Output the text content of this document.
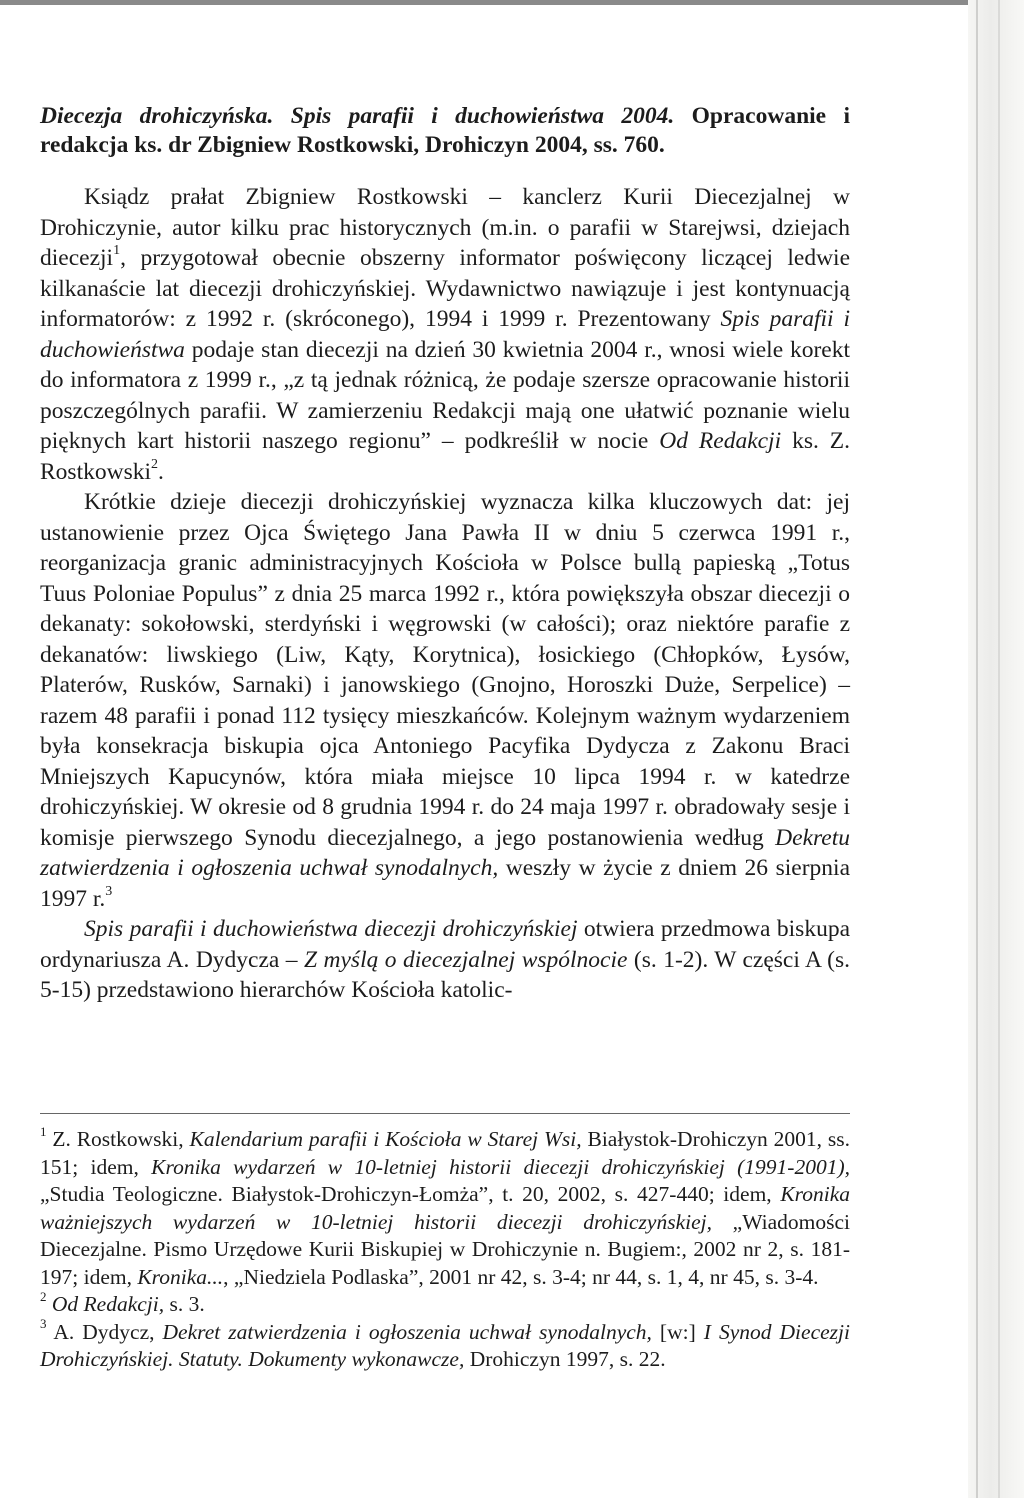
Diecezja drohiczyńska. Spis parafii i duchowieństwa 2004. Opracowanie i redakcja ks. dr Zbigniew Rostkowski, Drohiczyn 2004, ss. 760.

Ksiądz prałat Zbigniew Rostkowski – kanclerz Kurii Diecezjalnej w Drohiczynie, autor kilku prac historycznych (m.in. o parafii w Starejwsi, dziejach diecezji$^1$, przygotował obecnie obszerny informator poświęcony liczącej ledwie kilkanaście lat diecezji drohiczyńskiej. Wydawnictwo nawiązuje i jest kontynuacją informatorów: z 1992 r. (skróconego), 1994 i 1999 r. Prezentowany Spis parafii i duchowieństwa podaje stan diecezji na dzień 30 kwietnia 2004 r., wnosi wiele korekt do informatora z 1999 r., „z tą jednak różnicą, że podaje szersze opracowanie historii poszczególnych parafii. W zamierzeniu Redakcji mają one ułatwić poznanie wielu pięknych kart historii naszego regionu” – podkreślił w nocie Od Redakcji ks. Z. Rostkowski$^2$.

Krótkie dzieje diecezji drohiczyńskiej wyznacza kilka kluczowych dat: jej ustanowienie przez Ojca Świętego Jana Pawła II w dniu 5 czerwca 1991 r., reorganizacja granic administracyjnych Kościoła w Polsce bullą papieską „Totus Tuus Poloniae Populus” z dnia 25 marca 1992 r., która powiększyła obszar diecezji o dekanaty: sokołowski, sterdyński i węgrowski (w całości); oraz niektóre parafie z dekanatów: liwskiego (Liw, Kąty, Korytnica), łosickiego (Chłopków, Łysów, Platerów, Rusków, Sarnaki) i janowskiego (Gnojno, Horoszki Duże, Serpelice) – razem 48 parafii i ponad 112 tysięcy mieszkańców. Kolejnym ważnym wydarzeniem była konsekracja biskupia ojca Antoniego Pacyfika Dydycza z Zakonu Braci Mniejszych Kapucynów, która miała miejsce 10 lipca 1994 r. w katedrze drohiczyńskiej. W okresie od 8 grudnia 1994 r. do 24 maja 1997 r. obradowały sesje i komisje pierwszego Synodu diecezjalnego, a jego postanowienia według Dekretu zatwierdzenia i ogłoszenia uchwał synodalnych, weszły w życie z dniem 26 sierpnia 1997 r.$^3$

Spis parafii i duchowieństwa diecezji drohiczyńskiej otwiera przedmowa biskupa ordynariusza A. Dydycza – Z myślą o diecezjalnej wspólnocie (s. 1-2). W części A (s. 5-15) przedstawiono hierarchów Kościoła katolic-

$^1$ Z. Rostkowski, Kalendarium parafii i Kościoła w Starej Wsi, Białystok-Drohiczyn 2001, ss. 151; idem, Kronika wydarzeń w 10-letniej historii diecezji drohiczyńskiej (1991-2001), „Studia Teologiczne. Białystok-Drohiczyn-Łomża”, t. 20, 2002, s. 427-440; idem, Kronika ważniejszych wydarzeń w 10-letniej historii diecezji drohiczyńskiej, „Wiadomości Diecezjalne. Pismo Urzędowe Kurii Biskupiej w Drohiczynie n. Bugiem:, 2002 nr 2, s. 181-197; idem, Kronika..., „Niedziela Podlaska”, 2001 nr 42, s. 3-4; nr 44, s. 1, 4, nr 45, s. 3-4.

$^2$ Od Redakcji, s. 3.

$^3$ A. Dydycz, Dekret zatwierdzenia i ogłoszenia uchwał synodalnych, [w:] I Synod Diecezji Drohiczyńskiej. Statuty. Dokumenty wykonawcze, Drohiczyn 1997, s. 22.
